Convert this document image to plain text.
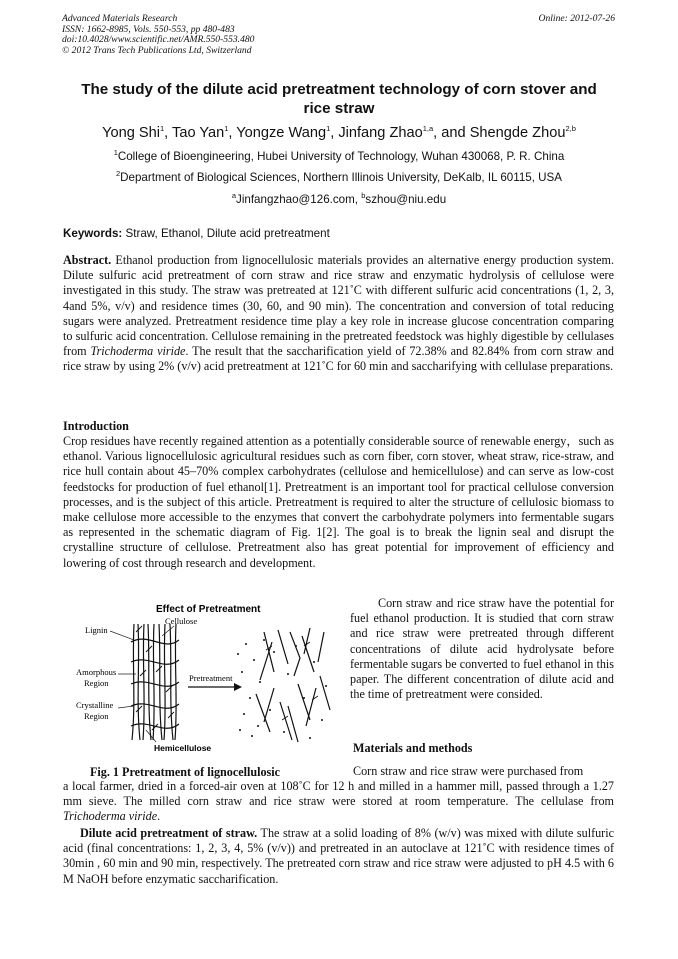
Advanced Materials Research
ISSN: 1662-8985, Vols. 550-553, pp 480-483
doi:10.4028/www.scientific.net/AMR.550-553.480
© 2012 Trans Tech Publications Ltd, Switzerland
Online: 2012-07-26
The study of the dilute acid pretreatment technology of corn stover and
rice straw
Yong Shi$^1$, Tao Yan$^1$, Yongze Wang$^1$, Jinfang Zhao$^{1,a}$, and Shengde Zhou$^{2,b}$
$^1$College of Bioengineering, Hubei University of Technology, Wuhan 430068, P. R. China
$^2$Department of Biological Sciences, Northern Illinois University, DeKalb, IL 60115, USA
$^a$Jinfangzhao@126.com, $^b$szhou@niu.edu
Keywords: Straw, Ethanol, Dilute acid pretreatment
Abstract. Ethanol production from lignocellulosic materials provides an alternative energy production system. Dilute sulfuric acid pretreatment of corn straw and rice straw and enzymatic hydrolysis of cellulose were investigated in this study. The straw was pretreated at 121˚C with different sulfuric acid concentrations (1, 2, 3, 4and 5%, v/v) and residence times (30, 60, and 90 min). The concentration and conversion of total reducing sugars were analyzed. Pretreatment residence time play a key role in increase glucose concentration comparing to sulfuric acid concentration. Cellulose remaining in the pretreated feedstock was highly digestible by cellulases from Trichoderma viride. The result that the saccharification yield of 72.38% and 82.84% from corn straw and rice straw by using 2% (v/v) acid pretreatment at 121˚C for 60 min and saccharifying with cellulase preparations.
Introduction
Crop residues have recently regained attention as a potentially considerable source of renewable energy，such as ethanol. Various lignocellulosic agricultural residues such as corn fiber, corn stover, wheat straw, rice-straw, and rice hull contain about 45–70% complex carbohydrates (cellulose and hemicellulose) and can serve as low-cost feedstocks for production of fuel ethanol[1]. Pretreatment is an important tool for practical cellulose conversion processes, and is the subject of this article. Pretreatment is required to alter the structure of cellulosic biomass to make cellulose more accessible to the enzymes that convert the carbohydrate polymers into fermentable sugars as represented in the schematic diagram of Fig. 1[2]. The goal is to break the lignin seal and disrupt the crystalline structure of cellulose. Pretreatment also has great potential for improvement of efficiency and lowering of cost through research and development.
Corn straw and rice straw have the potential for fuel ethanol production. It is studied that corn straw and rice straw were pretreated through different concentrations of dilute acid hydrolysate before fermentable sugars be converted to fuel ethanol in this paper. The different concentration of dilute acid and the time of pretreatment were consided.
Effect of Pretreatment
Lignin
Cellulose
Amorphous
Region
Crystalline
Region
Pretreatment
Hemicellulose	Materials and methods
Fig. 1 Pretreatment of lignocellulosic	Corn straw and rice straw were purchased from
a local farmer, dried in a forced-air oven at 108˚C for 12 h and milled in a hammer mill, passed through a 1.27 mm sieve. The milled corn straw and rice straw were stored at room temperature. The cellulase from Trichoderma viride.
Dilute acid pretreatment of straw. The straw at a solid loading of 8% (w/v) was mixed with dilute sulfuric acid (final concentrations: 1, 2, 3, 4, 5% (v/v)) and pretreated in an autoclave at 121˚C with residence times of 30min , 60 min and 90 min, respectively. The pretreated corn straw and rice straw were adjusted to pH 4.5 with 6 M NaOH before enzymatic saccharification.
